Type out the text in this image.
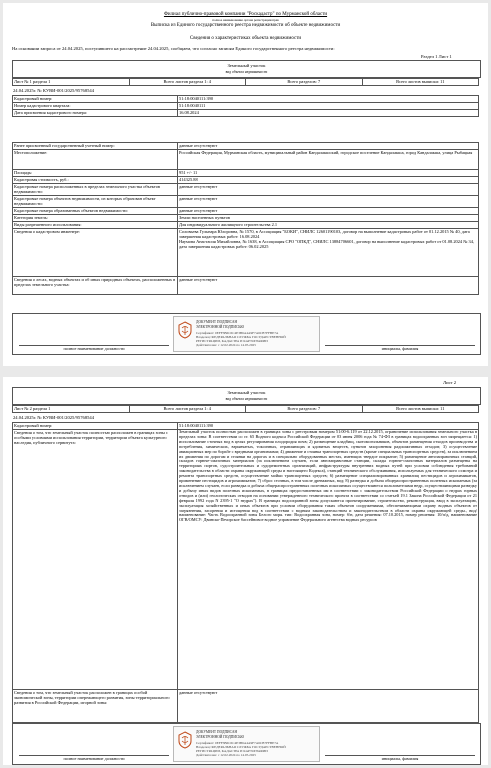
Филиал публично-правовой компании "Роскадастр" по Мурманской области
полное наименование органа регистрации прав
Выписка из Единого государственного реестра недвижимости об объекте недвижимости
Сведения о характеристиках объекта недвижимости
На основании запроса от 24.04.2025, поступившего на рассмотрение 24.04.2025, сообщаем, что согласно записям Единого государственного реестра недвижимости:
Раздел 1 Лист 1
Земельный участок
вид объекта недвижимости
Лист № 1 раздела 1	Всего листов раздела 1: 4	Всего разделов: 7	Всего листов выписки: 11
24.04.2025г. № КУВИ-001/2025/95768544
Кадастровый номер:	51:18:0040111:390
Номер кадастрового квартала:	51:18:0040111
Дата присвоения кадастрового номера:	16.08.2024
Ранее присвоенный государственный учетный номер:	данные отсутствуют
Местоположение:	Российская Федерация, Мурманская область, муниципальный район Кандалакшский, городское поселение Кандалакша, город Кандалакша, улица Рыбацкая
Площадь:	951 +/- 11
Кадастровая стоимость, руб.:	414325.88
Кадастровые номера расположенных в пределах земельного участка объектов недвижимости:	данные отсутствуют
Кадастровые номера объектов недвижимости, из которых образован объект недвижимости:	данные отсутствуют
Кадастровые номера образованных объектов недвижимости:	данные отсутствуют
Категория земель:	Земли населенных пунктов
Виды разрешенного использования:	Для индивидуального жилищного строительства 2.1
Сведения о кадастровом инженере:	Соловьева Гульнара Юлоровна, № 1570, в Ассоциация "БОКИ", СНИЛС 12601190103, договор на выполнение кадастровых работ от 01.12.2015 № 40, дата завершения кадастровых работ: 16.08.2024
Наумова Анастасия Михайловна, № 1638, в Ассоциация СРО "ОПКД", СНИЛС 13884706601, договор на выполнение кадастровых работ от 01.08.2024 № 34, дата завершения кадастровых работ: 06.02.2025
Сведения о лесах, водных объектах и об иных природных объектах, расположенных в пределах земельного участка:	данные отсутствуют
ДОКУМЕНТ ПОДПИСАН
ЭЛЕКТРОННОЙ ПОДПИСЬЮ
Сертификат: 0EFF5B6C6C4E3B6A4A9F7A6CB7FFBE7A
Владелец: ФЕДЕРАЛЬНАЯ СЛУЖБА ГОСУДАРСТВЕННОЙ
РЕГИСТРАЦИИ, КАДАСТРА И КАРТОГРАФИИ
Действителен: с 12.02.2024 по 14.05.2025
полное наименование должности	инициалы, фамилия
Лист 2
Земельный участок
вид объекта недвижимости
Лист № 2 раздела 1	Всего листов раздела 1: 4	Всего разделов: 7	Всего листов выписки: 11
24.04.2025г. № КУВИ-001/2025/95768544
Кадастровый номер:	51:18:0040111:390
Сведения о том, что земельный участок полностью расположен в границах зоны с особыми условиями использования территории, территории объекта культурного наследия, публичного сервитута:	Земельный участок полностью расположен в границах зоны с реестровым номером 51:00-6.119 от 22.12.2015, ограничение использования земельного участка в пределах зоны: В соответствии со ст. 65 Водного кодекса Российской Федерации от 03 июня 2006 года № 74-ФЗ в границах водоохранных зон запрещается: 1) использование сточных вод в целях регулирования плодородия почв; 2) размещение кладбищ, скотомогильников, объектов размещения отходов производства и потребления, химических, взрывчатых, токсичных, отравляющих и ядовитых веществ, пунктов захоронения радиоактивных отходов; 3) осуществление авиационных мер по борьбе с вредными организмами; 4) движение и стоянка транспортных средств (кроме специальных транспортных средств), за исключением их движения по дорогам и стоянки на дорогах и в специально оборудованных местах, имеющих твердое покрытие; 5) размещение автозаправочных станций, складов горюче-смазочных материалов (за исключением случаев, если автозаправочные станции, склады горюче-смазочных материалов размещены на территориях портов, судостроительных и судоремонтных организаций, инфраструктуры внутренних водных путей при условии соблюдения требований законодательства в области охраны окружающей среды и настоящего Кодекса), станций технического обслуживания, используемых для технического осмотра и ремонта транспортных средств, осуществление мойки транспортных средств; 6) размещение специализированных хранилищ пестицидов и агрохимикатов, применение пестицидов и агрохимикатов; 7) сброс сточных, в том числе дренажных, вод; 8) разведка и добыча общераспространенных полезных ископаемых (за исключением случаев, если разведка и добыча общераспространенных полезных ископаемых осуществляются пользователями недр, осуществляющими разведку и добычу иных видов полезных ископаемых, в границах предоставленных им в соответствии с законодательством Российской Федерации о недрах горных отводов и (или) геологических отводов на основании утвержденного технического проекта в соответствии со статьей 19.1 Закона Российской Федерации от 21 февраля 1992 года N 2395-1 "О недрах"). В границах водоохранной зоны допускаются проектирование, строительство, реконструкция, ввод в эксплуатацию, эксплуатация хозяйственных и иных объектов при условии оборудования таких объектов сооружениями, обеспечивающими охрану водных объектов от загрязнения, засорения и истощения вод в соответствии с водным законодательством и законодательством в области охраны окружающей среды., вид/наименование: Часть Водоохранной зоны Белого моря. тип: Водоохранная зона, номер: б/н, дата решения: 07.10.2015, номер решения: 10/п/д, наименование ОГВ/ОМСУ: Двинско-Печорское бассейновое водное управление Федерального агентства водных ресурсов
Сведения о том, что земельный участок расположен в границах особой экономической зоны, территории опережающего развития, зоны территориального развития в Российской Федерации, игорной зоны:	данные отсутствуют
ДОКУМЕНТ ПОДПИСАН
ЭЛЕКТРОННОЙ ПОДПИСЬЮ
Сертификат: 0EFF5B6C6C4E3B6A4A9F7A6CB7FFBE7A
Владелец: ФЕДЕРАЛЬНАЯ СЛУЖБА ГОСУДАРСТВЕННОЙ
РЕГИСТРАЦИИ, КАДАСТРА И КАРТОГРАФИИ
Действителен: с 12.02.2024 по 14.05.2025
полное наименование должности	инициалы, фамилия
